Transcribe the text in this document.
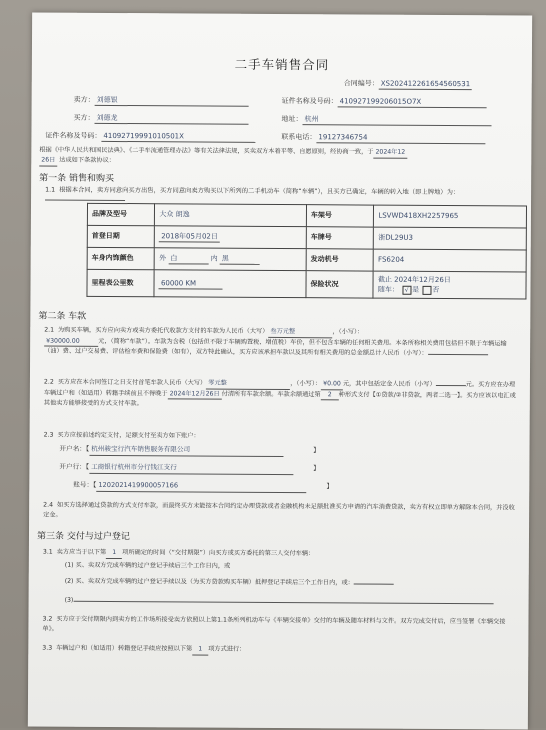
二手车销售合同
合同编号： XS20241226165456053​1
卖方： 刘德银	证件名称及号码： 410927199206015O7X
买方： 刘德龙	地址： 杭州
证件名称及号码： 41092719991010501X	联系电话： 19127346754
根据《中华人民共和国民法典》、《二手车流通管理办法》等有关法律法规，买卖双方本着平等、自愿原则，经协商一致，于 2024年12
26日 达成如下条款协议：
第一条 销售和购买
1.1 根据本合同，卖方同意向买方出售，买方同意向卖方购买以下所列的二手机动车（简称“车辆”），且买方已确定，车辆的转入地（即上牌地）为：
品牌及型号	大众 朗逸	车架号	LSVWD418XH2257965
首登日期	2018年05月02日	车牌号	浙DL29U3
车身内饰颜色	外 白 内 黑	发动机号	FS6204
里程表公里数	60000 KM	保险状况	截止 2024年12月26日
随车： √ 是 否
第二条 车款
2.1 为购买车辆，买方应向卖方或卖方委托代收款方支付的车款为人民币（大写） 叁万元整	，（小写）：
¥30000.00	元，（简称“车款”）。车款为含税（包括但不限于车辆购置税、增值税）车价，但不包含车辆的任何相关费用。本条所称相关费用包括但不限于车辆运输（油）费、过户交易费、评估检车费和保险费（如有），双方特此确认，买方应该承担车款以及其所有相关费用的总金额总计人民币（小写）：
2.2 买方应在本合同签订之日支付首笔车款人民币（大写） 零元整	，（小写）： ¥0.00 元，其中包括定金人民币（小写）	元。买方应在办理车辆过户和（如适用）转籍手续前且不得晚于 2024年12月26日 付清所有车款余额。车款余额通过第 2 种形式支付【①贷款/②非贷款，两者二选一】。买方应该以电汇或其他卖方能够接受的方式支付车款。
2.3 买方应按前述约定支付，足额支付至卖方如下账户：
开户名：【 杭州骏宝行汽车销售服务有限公司	】
开户行：【 工商银行杭州市分行钱江支行	】
账号：【 1202021419900057166	】
2.4 如买方选择通过贷款的方式支付车款，而最终买方未能按本合同约定办理贷款或者金融机构未足额批准买方申请的汽车消费贷款，卖方有权立即单方解除本合同，并没收定金。
第三条 交付与过户登记
3.1 卖方应当于以下第 1 项所确定的时间（“交付期限”）向买方或买方委托的第三人交付车辆：
(1) 买、卖双方完成车辆的过户登记手续后三个工作日内，或
(2) 买、卖双方完成车辆的过户登记手续以及（为买方贷款购买车辆）抵押登记手续后三个工作日内，或：
(3)
3.2 买方应于交付期限内到卖方的工作场所接受卖方依照以上第1.1条所列机动车与《车辆交接单》交付的车辆及随车材料与文件。双方完成交付后，应当签署《车辆交接单》。
3.3 车辆过户和（如适用）转籍登记手续应按照以下第 1 项方式进行：
